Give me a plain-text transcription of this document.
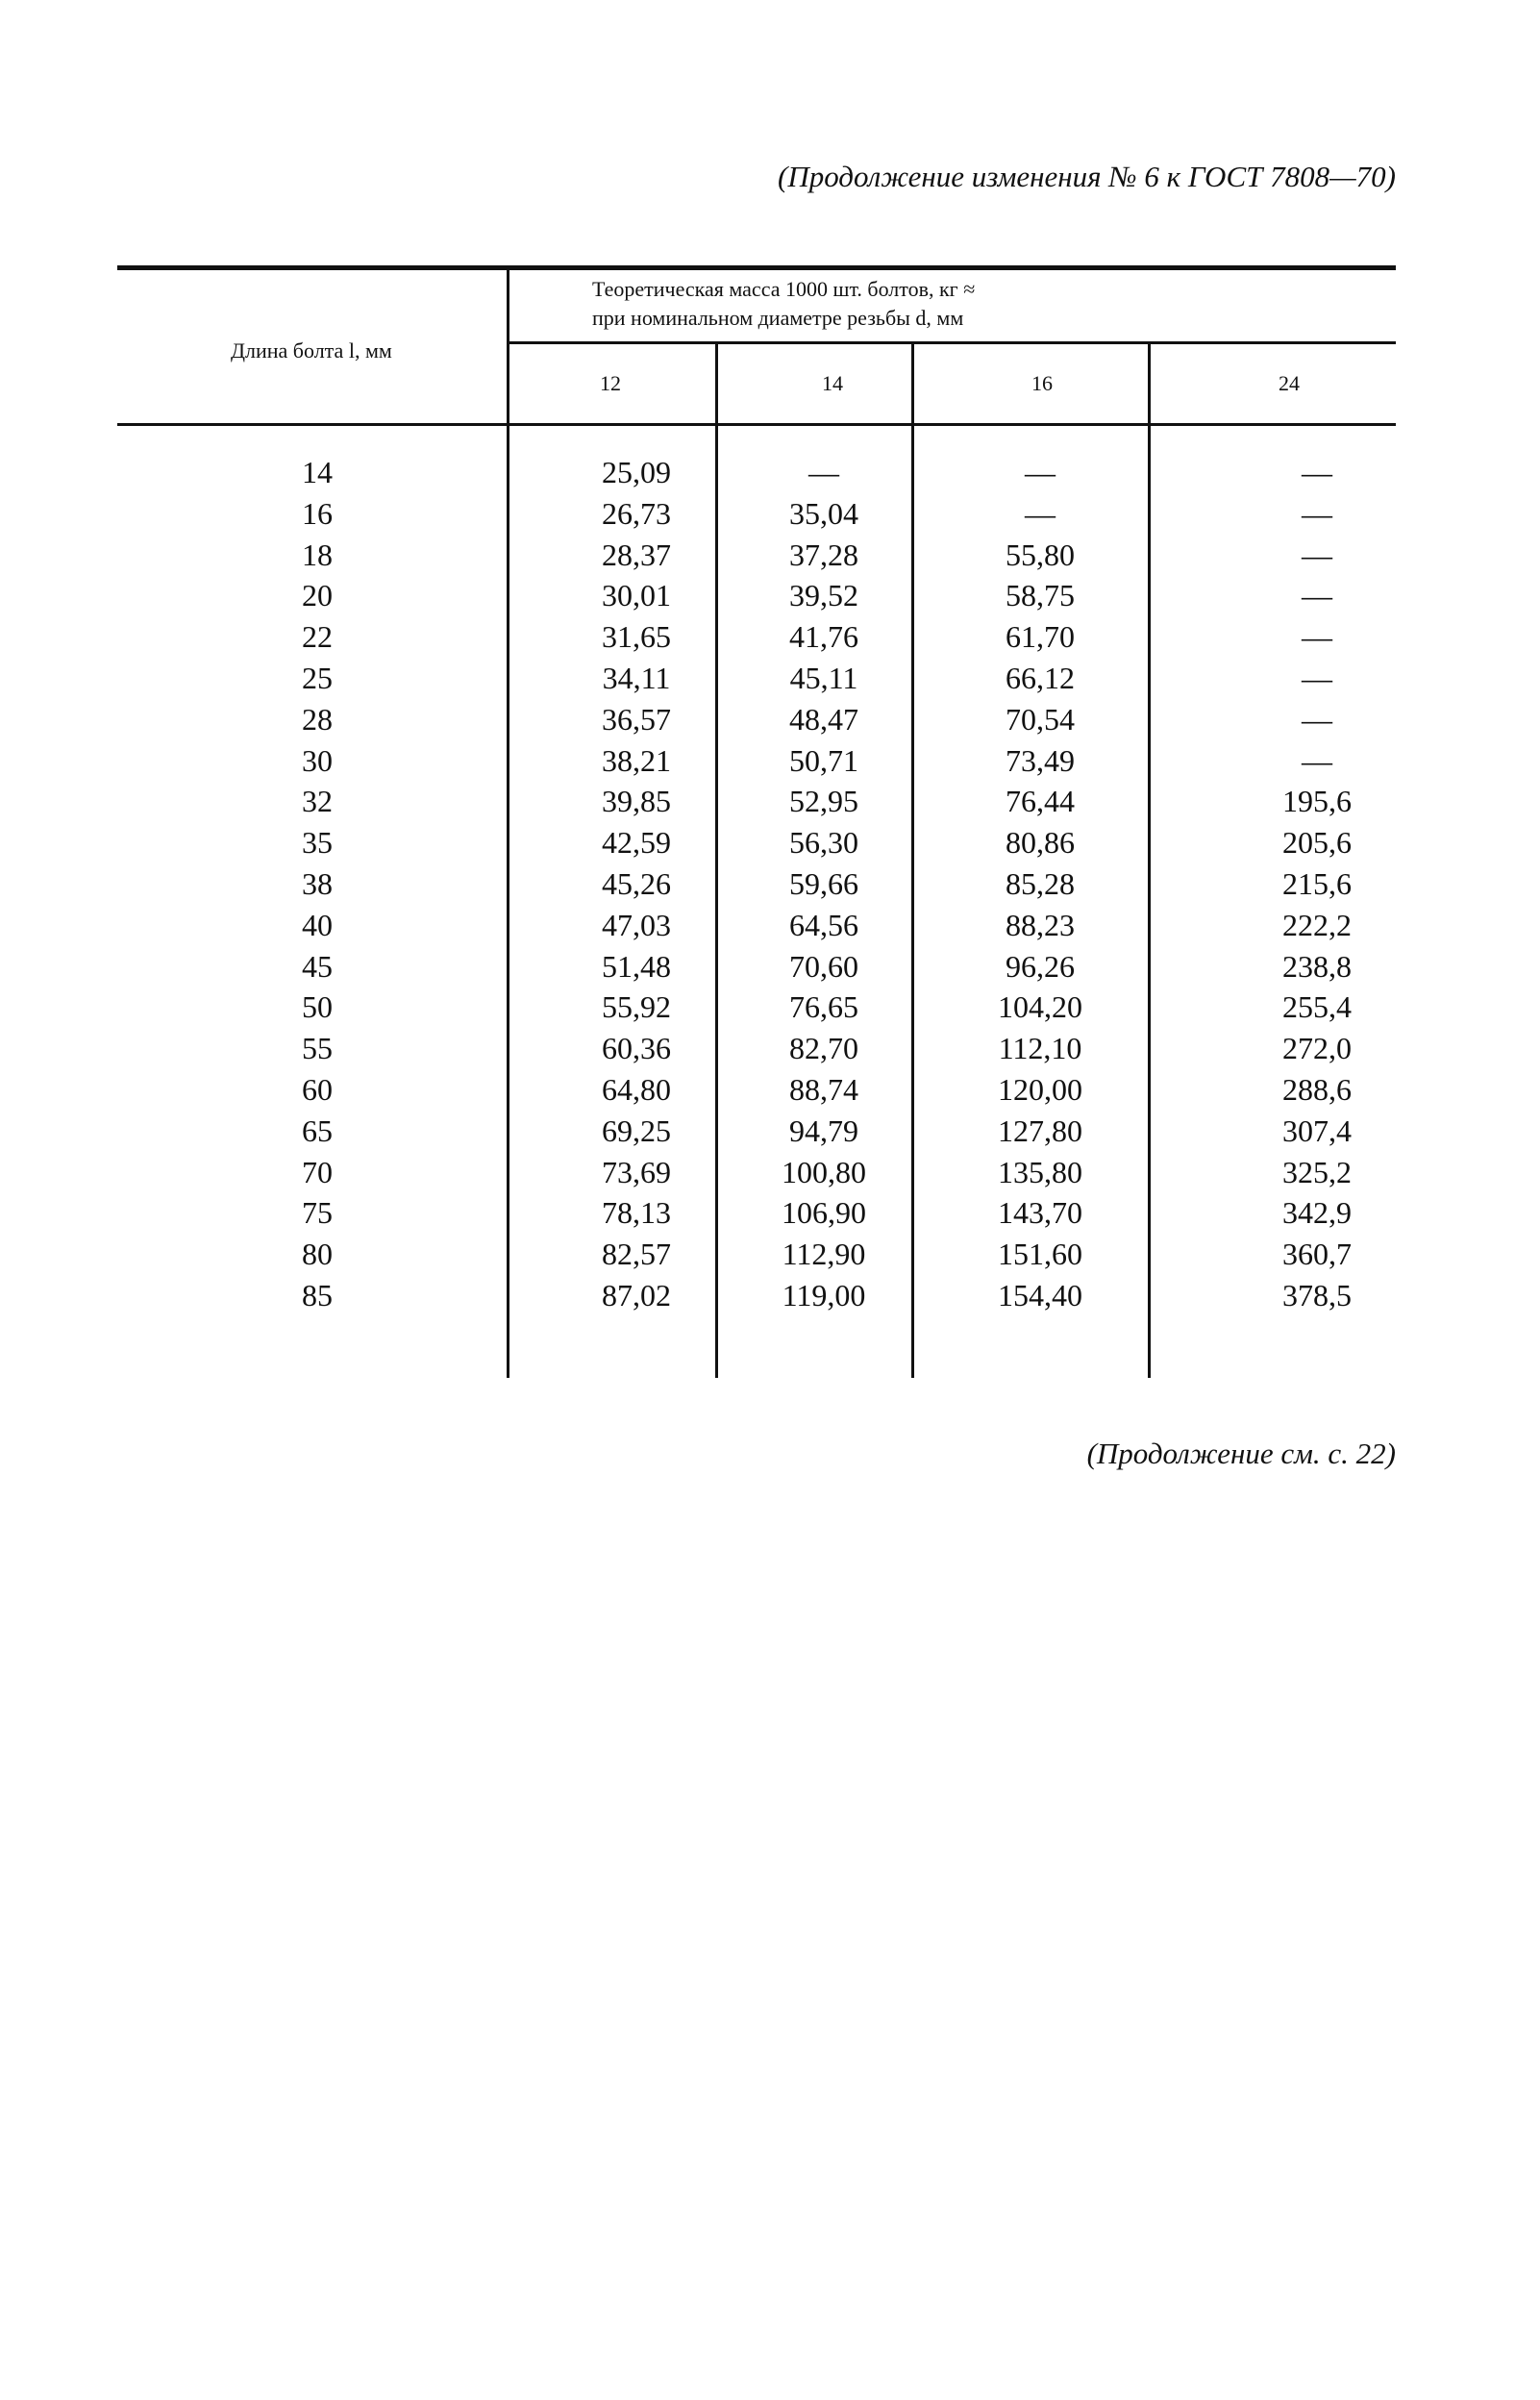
(Продолжение изменения № 6 к ГОСТ 7808—70)
Длина болта l, мм
Теоретическая масса 1000 шт. болтов, кг ≈
при номинальном диаметре резьбы d, мм
12	14	16	24
14	25,09	—	—	—
16	26,73	35,04	—	—
18	28,37	37,28	55,80	—
20	30,01	39,52	58,75	—
22	31,65	41,76	61,70	—
25	34,11	45,11	66,12	—
28	36,57	48,47	70,54	—
30	38,21	50,71	73,49	—
32	39,85	52,95	76,44	195,6
35	42,59	56,30	80,86	205,6
38	45,26	59,66	85,28	215,6
40	47,03	64,56	88,23	222,2
45	51,48	70,60	96,26	238,8
50	55,92	76,65	104,20	255,4
55	60,36	82,70	112,10	272,0
60	64,80	88,74	120,00	288,6
65	69,25	94,79	127,80	307,4
70	73,69	100,80	135,80	325,2
75	78,13	106,90	143,70	342,9
80	82,57	112,90	151,60	360,7
85	87,02	119,00	154,40	378,5
(Продолжение см. с. 22)
